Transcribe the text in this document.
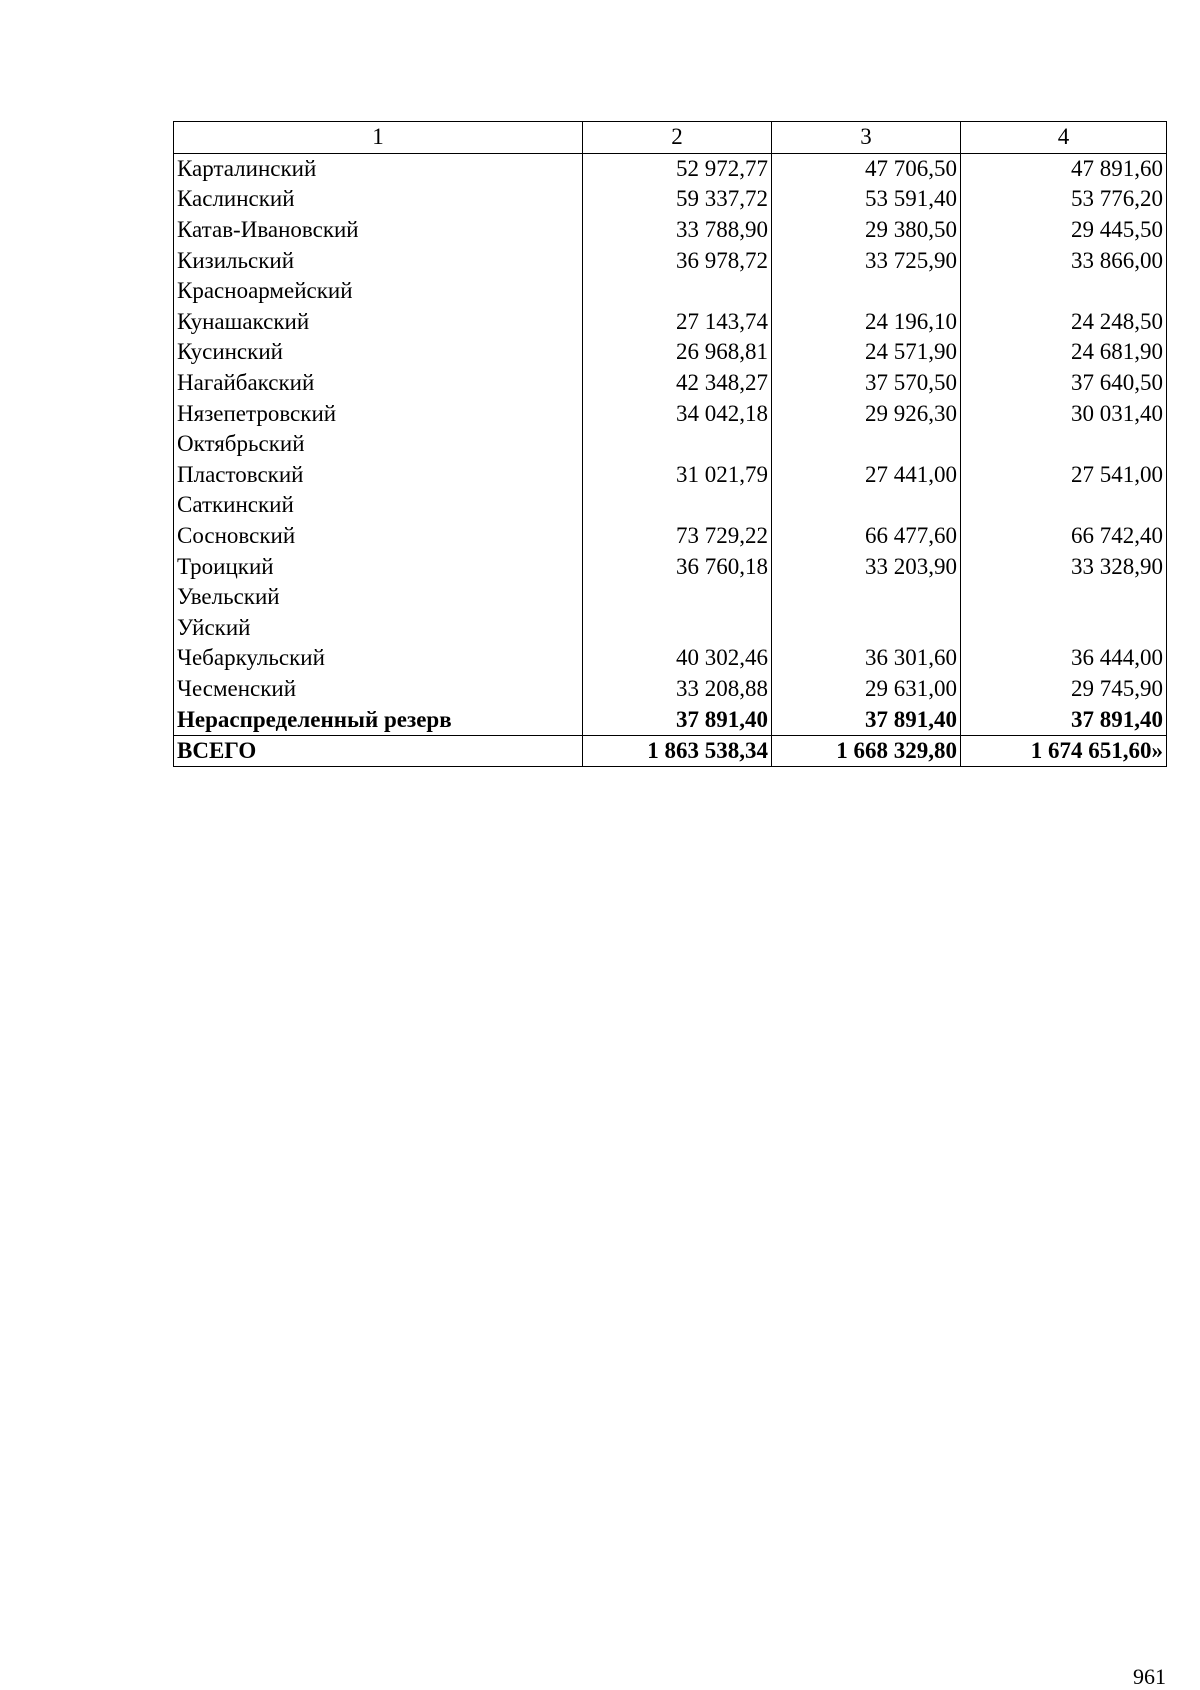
1	2	3	4
Карталинский	52 972,77	47 706,50	47 891,60
Каслинский	59 337,72	53 591,40	53 776,20
Катав-Ивановский	33 788,90	29 380,50	29 445,50
Кизильский	36 978,72	33 725,90	33 866,00
Красноармейский			
Кунашакский	27 143,74	24 196,10	24 248,50
Кусинский	26 968,81	24 571,90	24 681,90
Нагайбакский	42 348,27	37 570,50	37 640,50
Нязепетровский	34 042,18	29 926,30	30 031,40
Октябрьский			
Пластовский	31 021,79	27 441,00	27 541,00
Саткинский			
Сосновский	73 729,22	66 477,60	66 742,40
Троицкий	36 760,18	33 203,90	33 328,90
Увельский			
Уйский			
Чебаркульский	40 302,46	36 301,60	36 444,00
Чесменский	33 208,88	29 631,00	29 745,90
Нераспределенный резерв	37 891,40	37 891,40	37 891,40
ВСЕГО	1 863 538,34	1 668 329,80	1 674 651,60»
961
